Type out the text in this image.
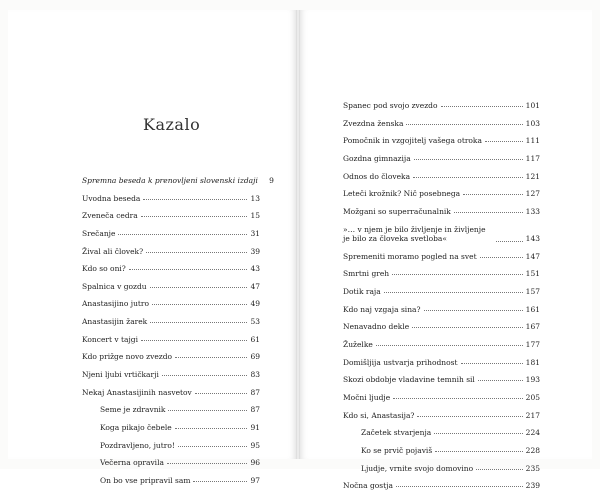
Kazalo
Spremna beseda k prenovljeni slovenski izdaji	9
Uvodna beseda	13
Zveneča cedra	15
Srečanje	31
Žival ali človek?	39
Kdo so oni?	43
Spalnica v gozdu	47
Anastasijino jutro	49
Anastasijin žarek	53
Koncert v tajgi	61
Kdo prižge novo zvezdo	69
Njeni ljubi vrtičkarji	83
Nekaj Anastasijinih nasvetov	87
Seme je zdravnik	87
Koga pikajo čebele	91
Pozdravljeno, jutro!	95
Večerna opravila	96
On bo vse pripravil sam	97
Spanec pod svojo zvezdo	101
Zvezdna ženska	103
Pomočnik in vzgojitelj vašega otroka	111
Gozdna gimnazija	117
Odnos do človeka	121
Leteči krožnik? Nič posebnega	127
Možgani so superračunalnik	133
»… v njem je bilo življenje in življenje je bilo za človeka svetloba«	143
Spremeniti moramo pogled na svet	147
Smrtni greh	151
Dotik raja	157
Kdo naj vzgaja sina?	161
Nenavadno dekle	167
Žuželke	177
Domišljija ustvarja prihodnost	181
Skozi obdobje vladavine temnih sil	193
Močni ljudje	205
Kdo si, Anastasija?	217
Začetek stvarjenja	224
Ko se prvič pojaviš	228
Ljudje, vrnite svojo domovino	235
Nočna gostja	239
